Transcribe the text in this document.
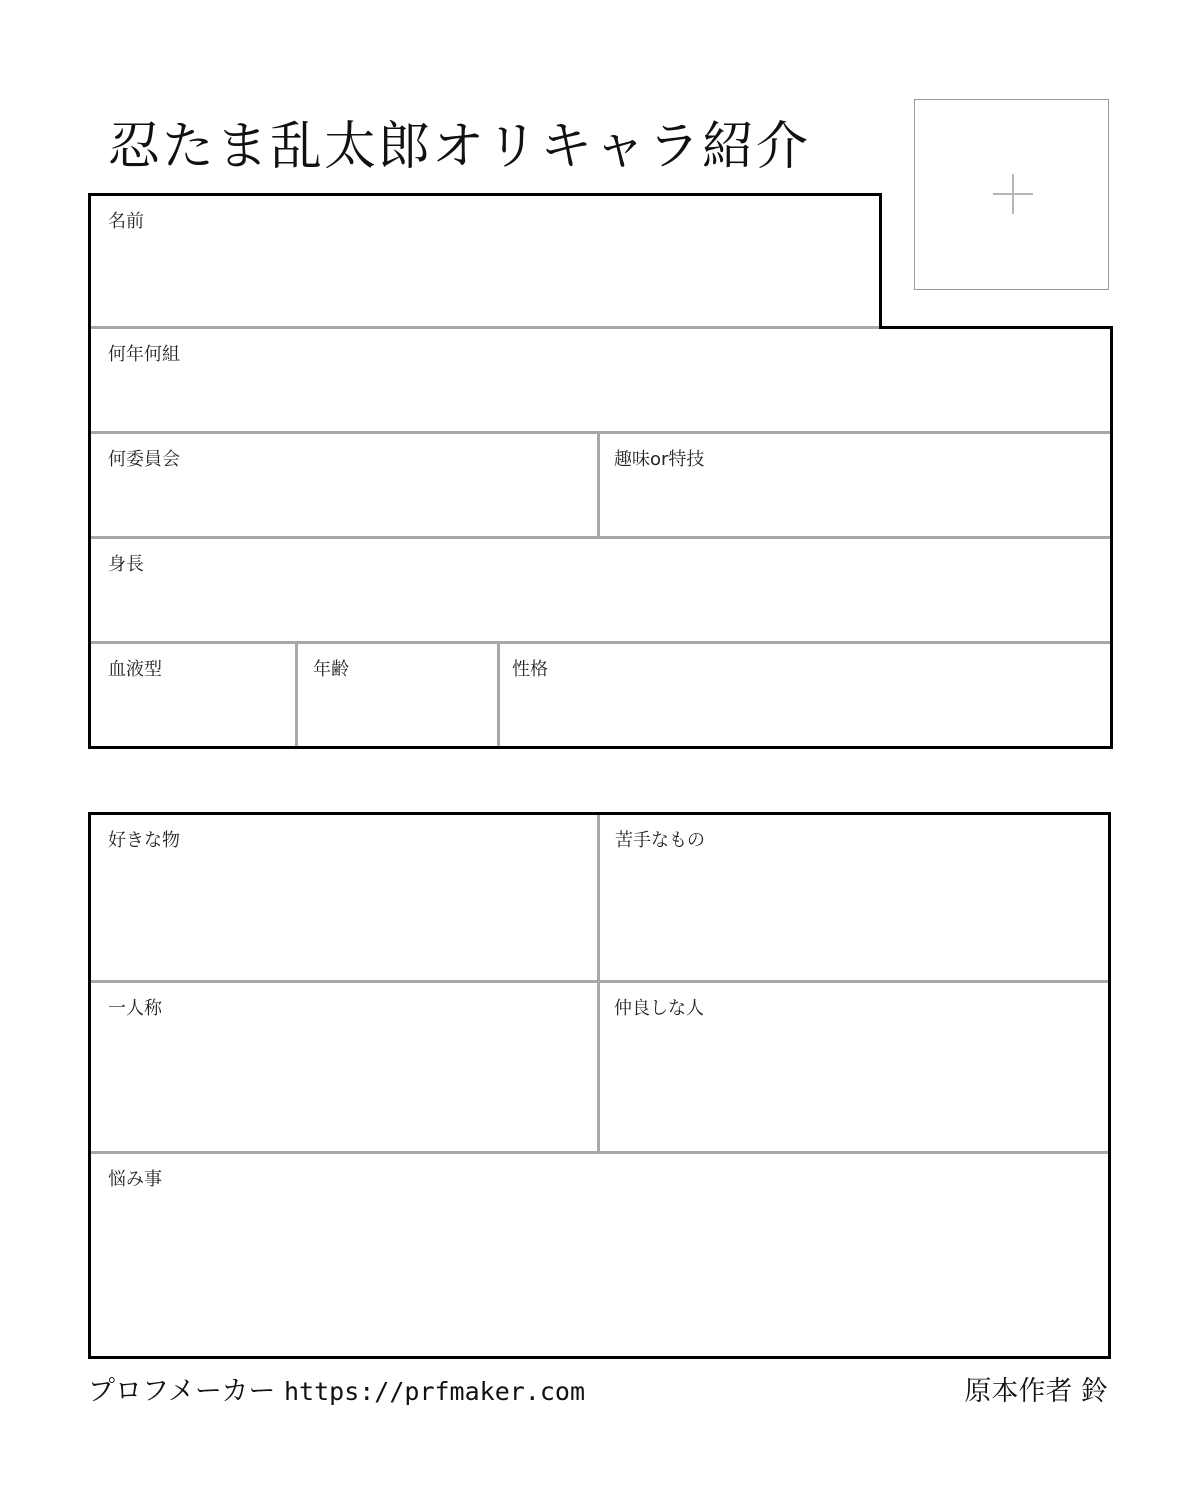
忍たま乱太郎オリキャラ紹介
名前
何年何組
何委員会	趣味or特技
身長
血液型	年齢	性格
好きな物	苦手なもの
一人称	仲良しな人
悩み事
プロフメーカー https://prfmaker.com	原本作者 鈴
